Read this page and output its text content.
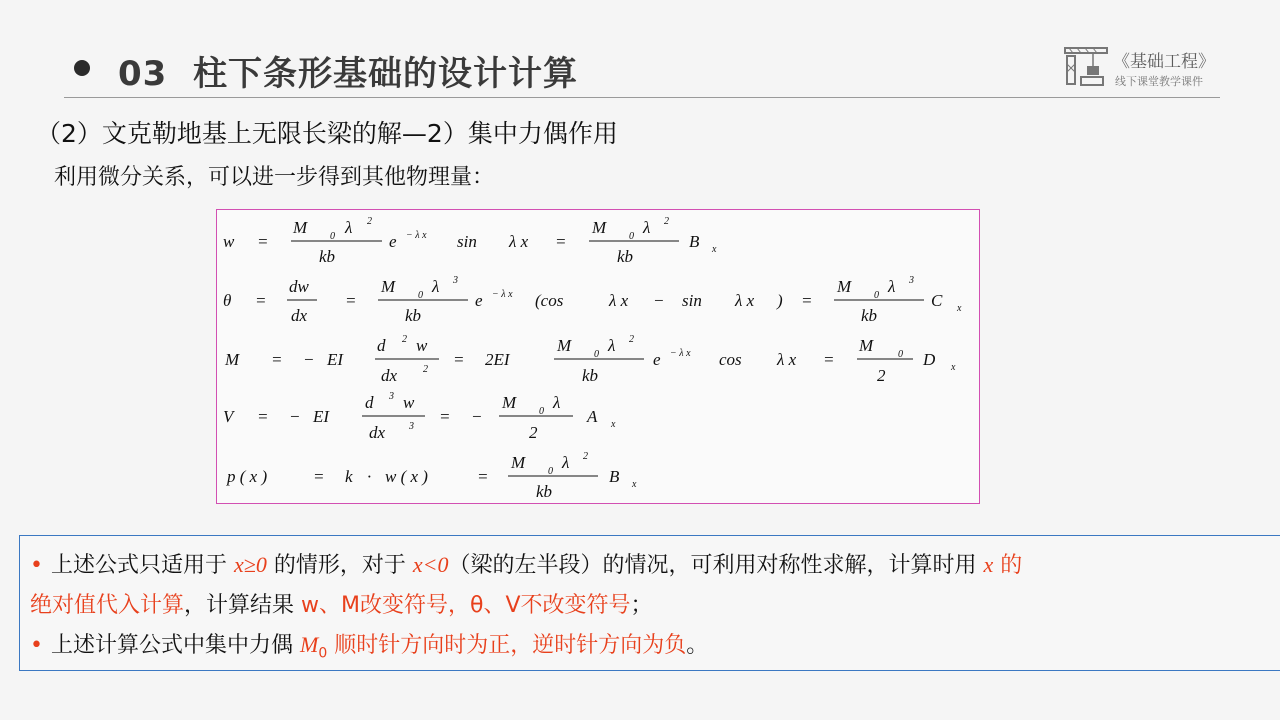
03 柱下条形基础的设计计算	《基础工程》
线下课堂教学课件
（2）文克勒地基上无限长梁的解—2）集中力偶作用
利用微分关系，可以进一步得到其他物理量：
w =
M 0 λ 2
kb
e − λ x sin λ x =
M 0 λ 2
kb
B x
θ =
dw
dx
=
M 0 λ 3
kb
e − λ x (cos	λ x − sin λ x ) =
M 0 λ 3
kb
C x
M = − EI
d 2 w
dx	2
= 2EI
M 0 λ 2
kb
e − λ x cos λ x =
M 0
2
D x
V = − EI
d 3 w
dx 3
= −
M 0 λ
2
A x
p ( x )	= k · w ( x )	=
M 0 λ 2
kb
B x
• 上述公式只适用于 x≥0 的情形，对于 x<0（梁的左半段）的情况，可利用对称性求解，计算时用 x 的
绝对值代入计算，计算结果 w、M改变符号，θ、V不改变符号；
• 上述计算公式中集中力偶 $M_0$ 顺时针方向时为正，逆时针方向为负。
